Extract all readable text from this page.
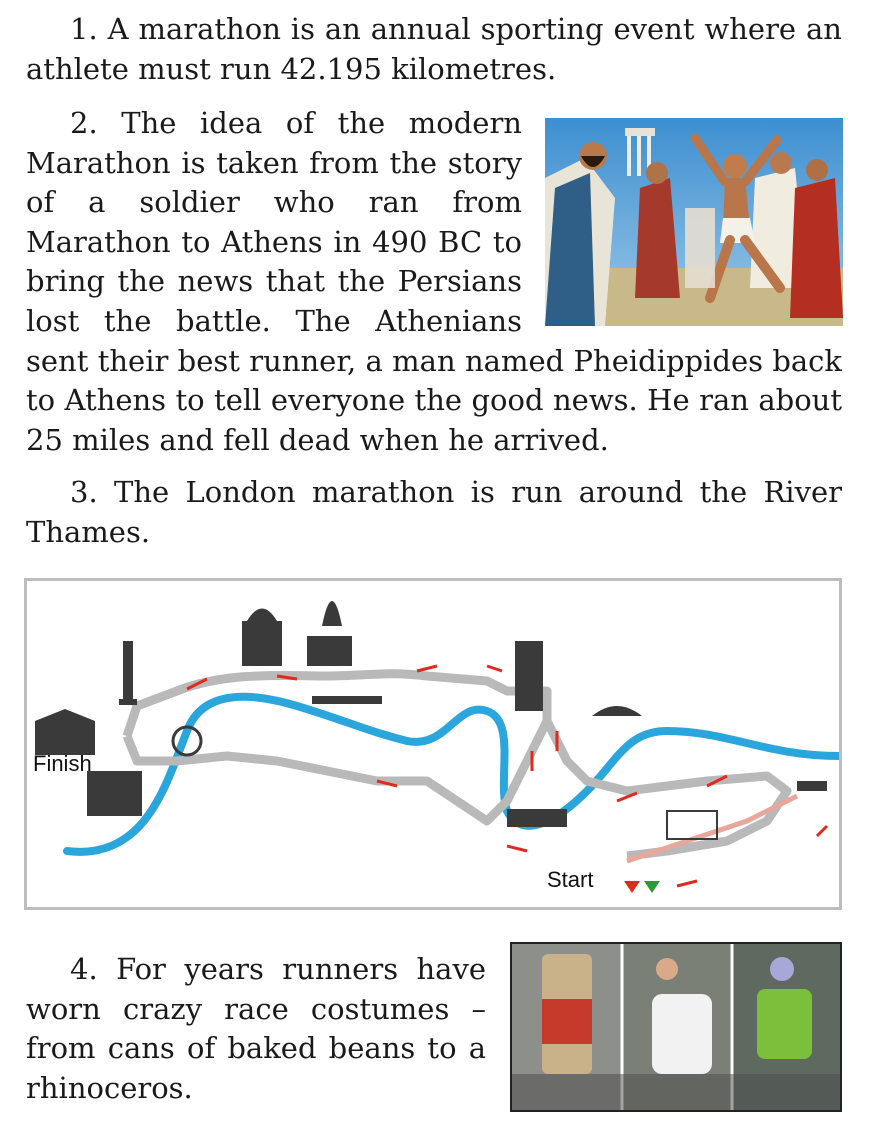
1. A marathon is an annual sporting event where an athlete must run 42.195 kilometres.

2. The idea of the modern Marathon is taken from the story of a soldier who ran from Marathon to Athens in 490 BC to bring the news that the Persians lost the battle. The Athenians sent their best runner, a man named Pheidippides back to Athens to tell everyone the good news. He ran about 25 miles and fell dead when he arrived.

3. The London marathon is run around the River Thames.

Finish
Start

4. For years runners have worn crazy race costumes – from cans of baked beans to a rhinoceros.
